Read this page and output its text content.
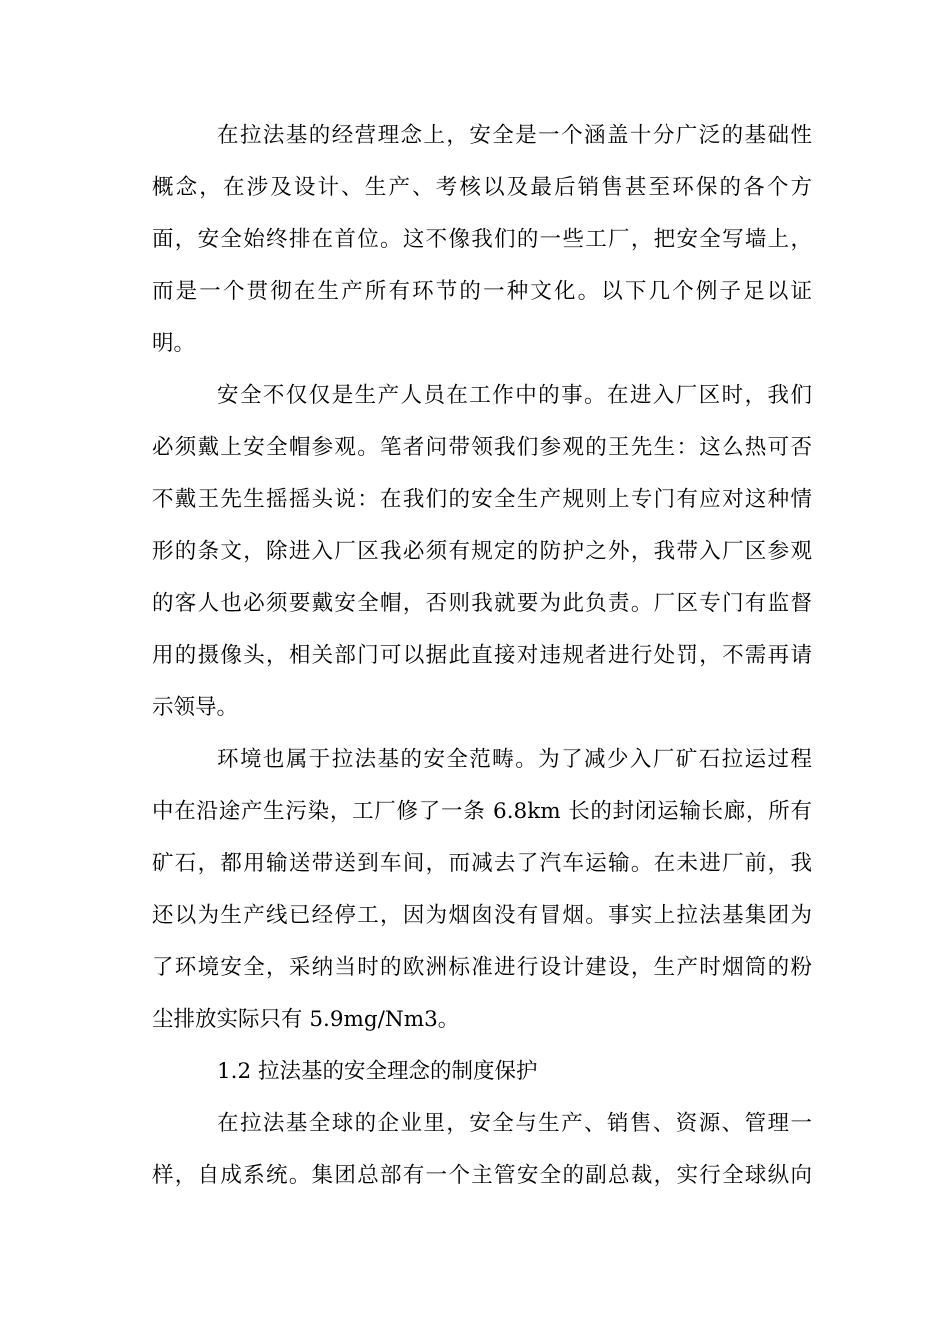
在拉法基的经营理念上，安全是一个涵盖十分广泛的基础性
概念，在涉及设计、生产、考核以及最后销售甚至环保的各个方
面，安全始终排在首位。这不像我们的一些工厂，把安全写墙上，
而是一个贯彻在生产所有环节的一种文化。以下几个例子足以证
明。
安全不仅仅是生产人员在工作中的事。在进入厂区时，我们
必须戴上安全帽参观。笔者问带领我们参观的王先生：这么热可否
不戴王先生摇摇头说：在我们的安全生产规则上专门有应对这种情
形的条文，除进入厂区我必须有规定的防护之外，我带入厂区参观
的客人也必须要戴安全帽，否则我就要为此负责。厂区专门有监督
用的摄像头，相关部门可以据此直接对违规者进行处罚，不需再请
示领导。
环境也属于拉法基的安全范畴。为了减少入厂矿石拉运过程
中在沿途产生污染，工厂修了一条 6.8km 长的封闭运输长廊，所有
矿石，都用输送带送到车间，而减去了汽车运输。在未进厂前，我
还以为生产线已经停工，因为烟囱没有冒烟。事实上拉法基集团为
了环境安全，采纳当时的欧洲标准进行设计建设，生产时烟筒的粉
尘排放实际只有 5.9mg/Nm3。
1.2 拉法基的安全理念的制度保护
在拉法基全球的企业里，安全与生产、销售、资源、管理一
样，自成系统。集团总部有一个主管安全的副总裁，实行全球纵向
